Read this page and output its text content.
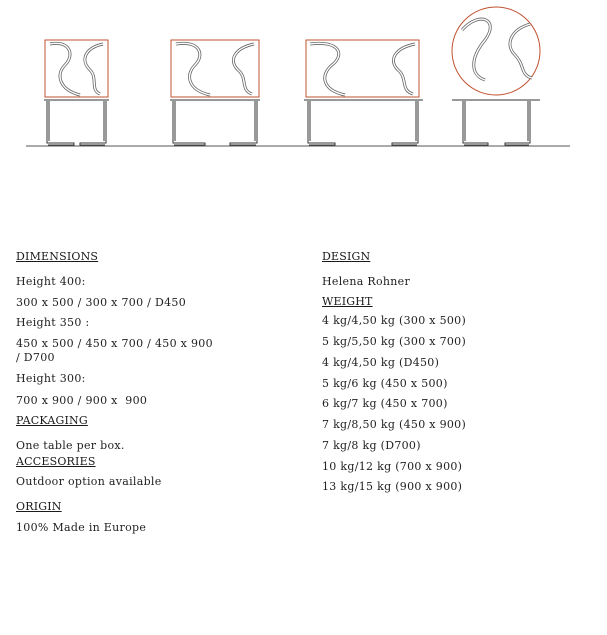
DIMENSIONS

Height 400:

300 x 500 / 300 x 700 / D450

Height 350 :

450 x 500 / 450 x 700 / 450 x 900
/ D700

Height 300:

700 x 900 / 900 x  900

PACKAGING

One table per box.

ACCESORIES

Outdoor option available

ORIGIN

100% Made in Europe

DESIGN

Helena Rohner

WEIGHT

4 kg/4,50 kg (300 x 500)

5 kg/5,50 kg (300 x 700)

4 kg/4,50 kg (D450)

5 kg/6 kg (450 x 500)

6 kg/7 kg (450 x 700)

7 kg/8,50 kg (450 x 900)

7 kg/8 kg (D700)

10 kg/12 kg (700 x 900)

13 kg/15 kg (900 x 900)
